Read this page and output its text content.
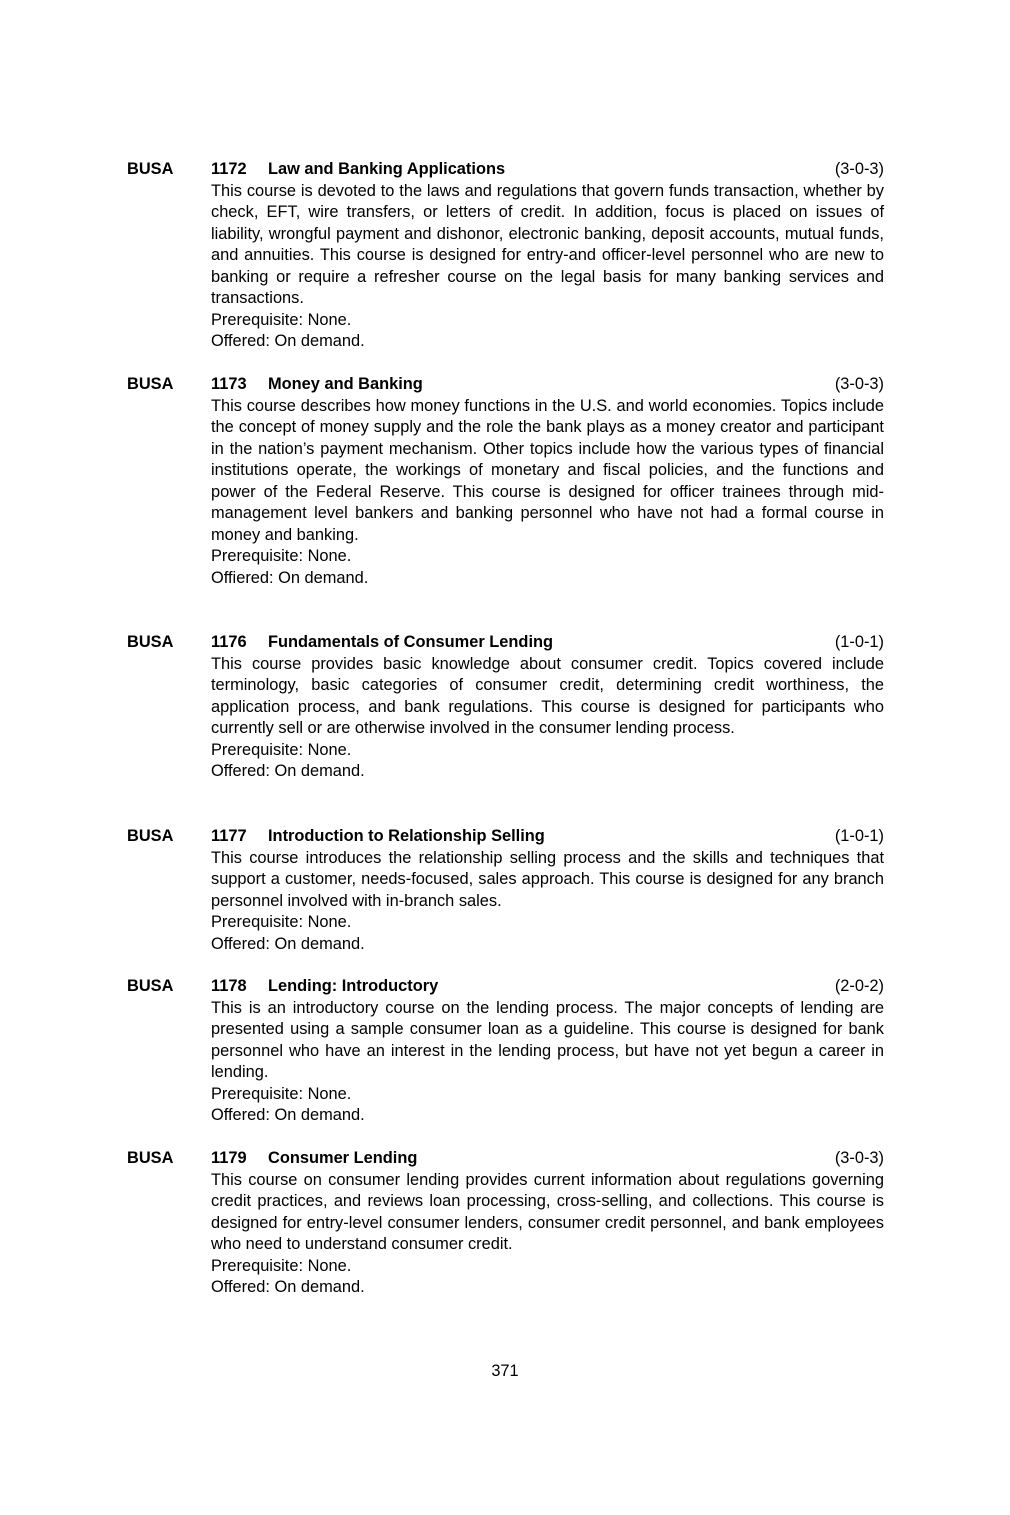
BUSA 1172 Law and Banking Applications	(3-0-3)

This course is devoted to the laws and regulations that govern funds transaction, whether by check, EFT, wire transfers, or letters of credit. In addition, focus is placed on issues of liability, wrongful payment and dishonor, electronic banking, deposit accounts, mutual funds, and annuities. This course is designed for entry-and officer-level personnel who are new to banking or require a refresher course on the legal basis for many banking services and transactions.

Prerequisite: None.

Offered: On demand.

BUSA 1173 Money and Banking	(3-0-3)

This course describes how money functions in the U.S. and world economies. Topics include the concept of money supply and the role the bank plays as a money creator and participant in the nation’s payment mechanism. Other topics include how the various types of financial institutions operate, the workings of monetary and fiscal policies, and the functions and power of the Federal Reserve. This course is designed for officer trainees through mid-management level bankers and banking personnel who have not had a formal course in money and banking.

Prerequisite: None.

Offiered: On demand.

BUSA 1176 Fundamentals of Consumer Lending	(1-0-1)

This course provides basic knowledge about consumer credit. Topics covered include terminology, basic categories of consumer credit, determining credit worthiness, the application process, and bank regulations. This course is designed for participants who currently sell or are otherwise involved in the consumer lending process.

Prerequisite: None.

Offered: On demand.

BUSA 1177 Introduction to Relationship Selling	(1-0-1)

This course introduces the relationship selling process and the skills and techniques that support a customer, needs-focused, sales approach. This course is designed for any branch personnel involved with in-branch sales.

Prerequisite: None.

Offered: On demand.

BUSA 1178 Lending: Introductory	(2-0-2)

This is an introductory course on the lending process. The major concepts of lending are presented using a sample consumer loan as a guideline. This course is designed for bank personnel who have an interest in the lending process, but have not yet begun a career in lending.

Prerequisite: None.

Offered: On demand.

BUSA 1179 Consumer Lending	(3-0-3)

This course on consumer lending provides current information about regulations governing credit practices, and reviews loan processing, cross-selling, and collections. This course is designed for entry-level consumer lenders, consumer credit personnel, and bank employees who need to understand consumer credit.

Prerequisite: None.

Offered: On demand.

371
